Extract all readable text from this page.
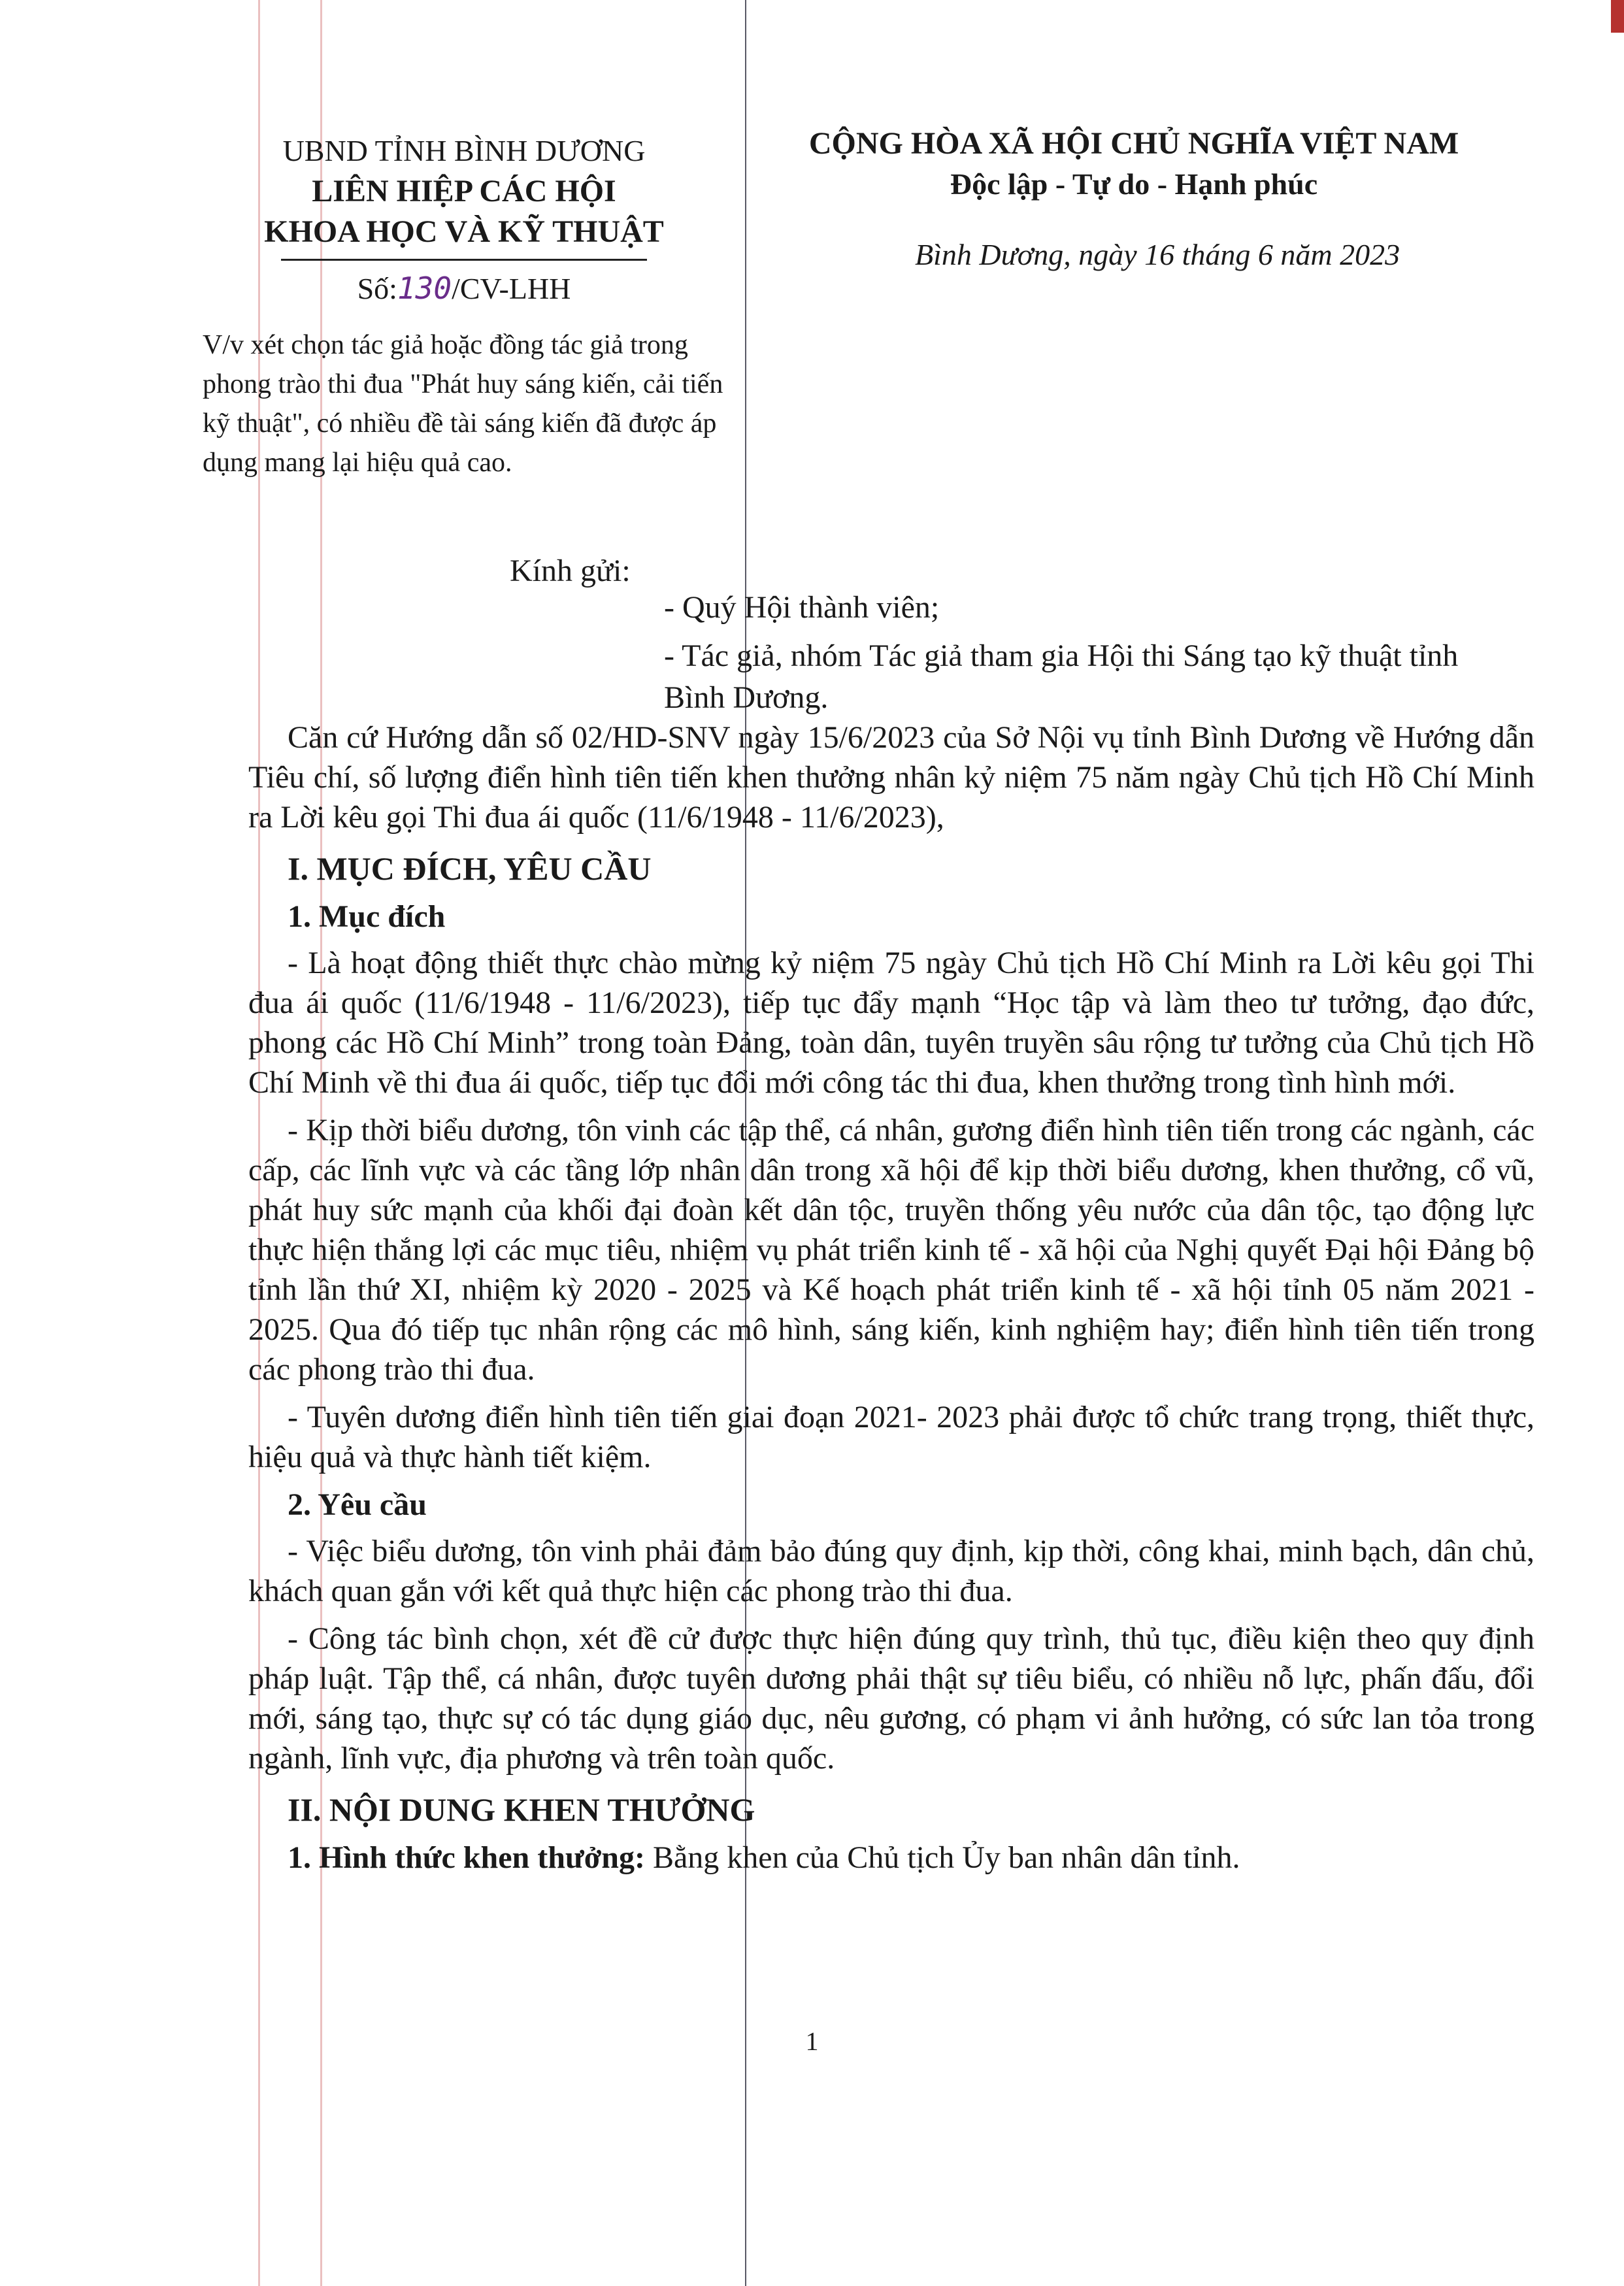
UBND TỈNH BÌNH DƯƠNG
LIÊN HIỆP CÁC HỘI
KHOA HỌC VÀ KỸ THUẬT
Số:130/CV-LHH
CỘNG HÒA XÃ HỘI CHỦ NGHĨA VIỆT NAM
Độc lập - Tự do - Hạnh phúc
Bình Dương, ngày 16 tháng 6 năm 2023
V/v xét chọn tác giả hoặc đồng tác giả trong phong trào thi đua "Phát huy sáng kiến, cải tiến kỹ thuật", có nhiều đề tài sáng kiến đã được áp dụng mang lại hiệu quả cao.
Kính gửi:
- Quý Hội thành viên;
- Tác giả, nhóm Tác giả tham gia Hội thi Sáng tạo kỹ thuật tỉnh Bình Dương.
Căn cứ Hướng dẫn số 02/HD-SNV ngày 15/6/2023 của Sở Nội vụ tỉnh Bình Dương về Hướng dẫn Tiêu chí, số lượng điển hình tiên tiến khen thưởng nhân kỷ niệm 75 năm ngày Chủ tịch Hồ Chí Minh ra Lời kêu gọi Thi đua ái quốc (11/6/1948 - 11/6/2023),
I. MỤC ĐÍCH, YÊU CẦU
1. Mục đích
- Là hoạt động thiết thực chào mừng kỷ niệm 75 ngày Chủ tịch Hồ Chí Minh ra Lời kêu gọi Thi đua ái quốc (11/6/1948 - 11/6/2023), tiếp tục đẩy mạnh “Học tập và làm theo tư tưởng, đạo đức, phong các Hồ Chí Minh” trong toàn Đảng, toàn dân, tuyên truyền sâu rộng tư tưởng của Chủ tịch Hồ Chí Minh về thi đua ái quốc, tiếp tục đổi mới công tác thi đua, khen thưởng trong tình hình mới.
- Kịp thời biểu dương, tôn vinh các tập thể, cá nhân, gương điển hình tiên tiến trong các ngành, các cấp, các lĩnh vực và các tầng lớp nhân dân trong xã hội để kịp thời biểu dương, khen thưởng, cổ vũ, phát huy sức mạnh của khối đại đoàn kết dân tộc, truyền thống yêu nước của dân tộc, tạo động lực thực hiện thắng lợi các mục tiêu, nhiệm vụ phát triển kinh tế - xã hội của Nghị quyết Đại hội Đảng bộ tỉnh lần thứ XI, nhiệm kỳ 2020 - 2025 và Kế hoạch phát triển kinh tế - xã hội tỉnh 05 năm 2021 - 2025. Qua đó tiếp tục nhân rộng các mô hình, sáng kiến, kinh nghiệm hay; điển hình tiên tiến trong các phong trào thi đua.
- Tuyên dương điển hình tiên tiến giai đoạn 2021- 2023 phải được tổ chức trang trọng, thiết thực, hiệu quả và thực hành tiết kiệm.
2. Yêu cầu
- Việc biểu dương, tôn vinh phải đảm bảo đúng quy định, kịp thời, công khai, minh bạch, dân chủ, khách quan gắn với kết quả thực hiện các phong trào thi đua.
- Công tác bình chọn, xét đề cử được thực hiện đúng quy trình, thủ tục, điều kiện theo quy định pháp luật. Tập thể, cá nhân, được tuyên dương phải thật sự tiêu biểu, có nhiều nỗ lực, phấn đấu, đổi mới, sáng tạo, thực sự có tác dụng giáo dục, nêu gương, có phạm vi ảnh hưởng, có sức lan tỏa trong ngành, lĩnh vực, địa phương và trên toàn quốc.
II. NỘI DUNG KHEN THƯỞNG
1. Hình thức khen thưởng: Bằng khen của Chủ tịch Ủy ban nhân dân tỉnh.
1
